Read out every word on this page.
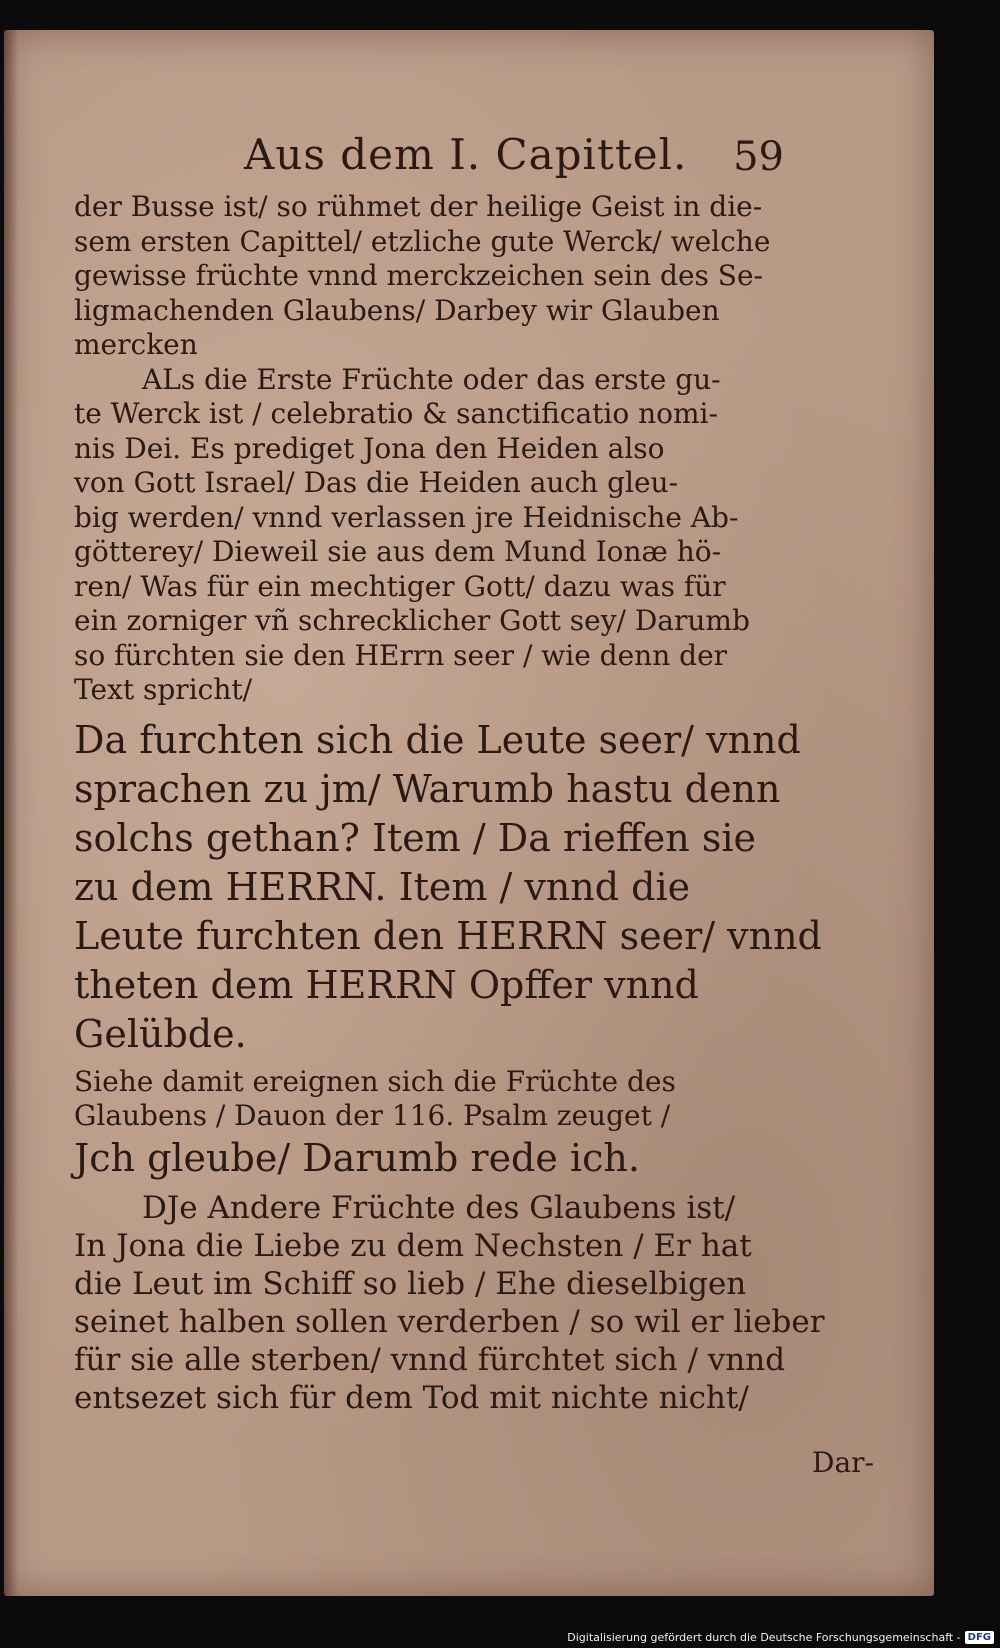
Aus dem I. Capittel. 59

der Busse ist/ so rühmet der heilige Geist in die-

sem ersten Capittel/ etzliche gute Werck/ welche

gewisse früchte vnnd merckzeichen sein des Se-

ligmachenden Glaubens/ Darbey wir Glauben

mercken

ALs die Erste Früchte oder das erste gu-

te Werck ist / celebratio & sanctificatio nomi-

nis Dei. Es prediget Jona den Heiden also

von Gott Israel/ Das die Heiden auch gleu-

big werden/ vnnd verlassen jre Heidnische Ab-

götterey/ Dieweil sie aus dem Mund Ionæ hö-

ren/ Was für ein mechtiger Gott/ dazu was für

ein zorniger vñ schrecklicher Gott sey/ Darumb

so fürchten sie den HErrn seer / wie denn der

Text spricht/

Da furchten sich die Leute seer/ vnnd

sprachen zu jm/ Warumb hastu denn

solchs gethan? Item / Da rieffen sie

zu dem HERRN. Item / vnnd die

Leute furchten den HERRN seer/ vnnd

theten dem HERRN Opffer vnnd

Gelübde.

Siehe damit ereignen sich die Früchte des

Glaubens / Dauon der 116. Psalm zeuget /

Jch gleube/ Darumb rede ich.

DJe Andere Früchte des Glaubens ist/

In Jona die Liebe zu dem Nechsten / Er hat

die Leut im Schiff so lieb / Ehe dieselbigen

seinet halben sollen verderben / so wil er lieber

für sie alle sterben/ vnnd fürchtet sich / vnnd

entsezet sich für dem Tod mit nichte nicht/

Dar-
Digitalisierung gefördert durch die Deutsche Forschungsgemeinschaft - DFG
